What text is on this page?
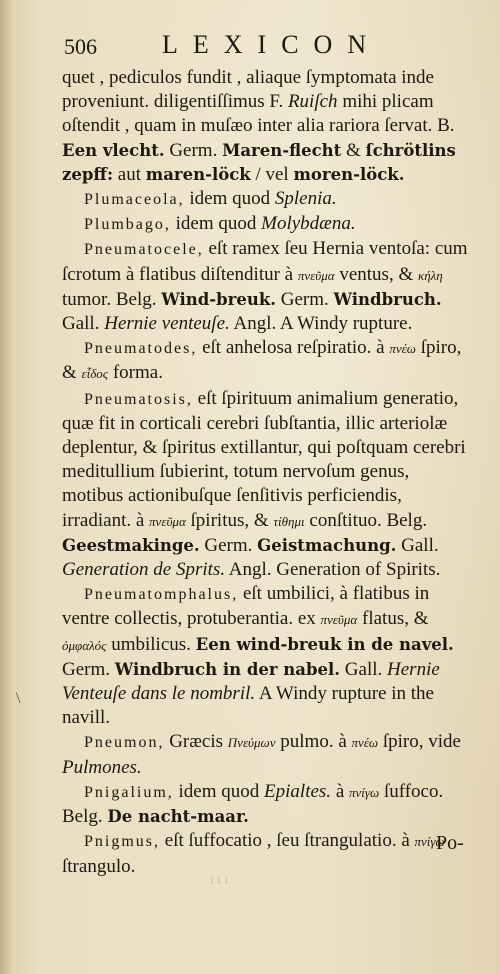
506	LEXICON

quet , pediculos fundit , aliaque ſymptomata inde proveniunt. diligentiſſimus F. Ruiſch mihi plicam oſtendit , quam in muſæo inter alia rariora ſervat. B. Een vlecht. Germ. Maren-flecht & ſchrötlins zepff: aut maren-löck / vel moren-löck.

Plumaceola, idem quod Splenia.

Plumbago, idem quod Molybdæna.

Pneumatocele, eſt ramex ſeu Hernia ventoſa: cum ſcrotum à flatibus diſtenditur à πνεῦμα ventus, & κήλη tumor. Belg. Wind-breuk. Germ. Windbruch. Gall. Hernie venteuſe. Angl. A Windy rupture.

Pneumatodes, eſt anhelosa reſpiratio. à πνέω ſpiro, & εἶδος forma.

Pneumatosis, eſt ſpirituum animalium generatio, quæ fit in corticali cerebri ſubſtantia, illic arteriolæ deplentur, & ſpiritus extillantur, qui poſtquam cerebri meditullium ſubierint, totum nervoſum genus, motibus actionibuſque ſenſitivis perficiendis, irradiant. à πνεῦμα ſpiritus, & τίθημι conſtituo. Belg. Geestmakinge. Germ. Geistmachung. Gall. Generation de Sprits. Angl. Generation of Spirits.

Pneumatomphalus, eſt umbilici, à flatibus in ventre collectis, protuberantia. ex πνεῦμα flatus, & ὀμφαλός umbilicus. Een wind-breuk in de navel. Germ. Windbruch in der nabel. Gall. Hernie Venteuſe dans le nombril. A Windy rupture in the navill.

Pneumon, Græcis Πνεύμων pulmo. à πνέω ſpiro, vide Pulmones.

Pnigalium, idem quod Epialtes. à πνίγω ſuffoco. Belg. De nacht-maar.

Pnigmus, eſt ſuffocatio , ſeu ſtrangulatio. à πνίγω ſtrangulo.

\
ııı
Po-
